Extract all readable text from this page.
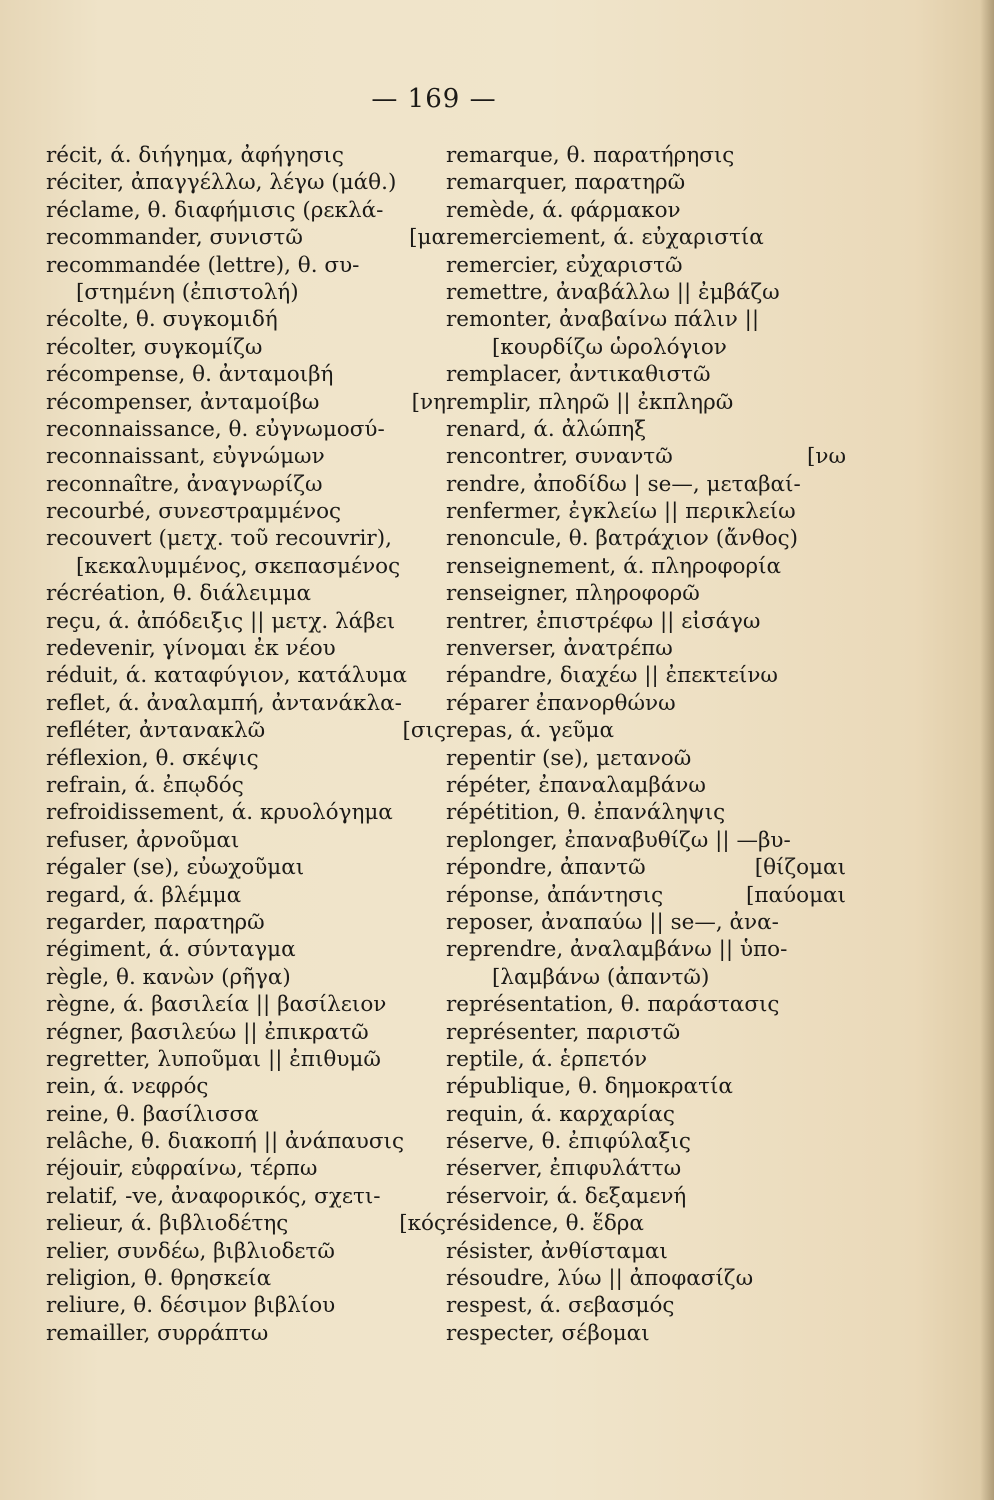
— 169 —
récit, ά. διήγημα, ἀφήγησις
réciter, ἀπαγγέλλω, λέγω (μάθ.)
réclame, θ. διαφήμισις (ρεκλά-
recommander, συνιστῶ	[μα
recommandée (lettre), θ. συ-
[στημένη (ἐπιστολή)
récolte, θ. συγκομιδή
récolter, συγκομίζω
récompense, θ. ἀνταμοιβή
récompenser, ἀνταμοίβω	[νη
reconnaissance, θ. εὐγνωμοσύ-
reconnaissant, εὐγνώμων
reconnaître, ἀναγνωρίζω
recourbé, συνεστραμμένος
recouvert (μετχ. τοῦ recouvrir),
[κεκαλυμμένος, σκεπασμένος
récréation, θ. διάλειμμα
reçu, ά. ἀπόδειξις || μετχ. λάβει
redevenir, γίνομαι ἐκ νέου
réduit, ά. καταφύγιον, κατάλυμα
reflet, ά. ἀναλαμπή, ἀντανάκλα-
refléter, ἀντανακλῶ	[σις
réflexion, θ. σκέψις
refrain, ά. ἐπῳδός
refroidissement, ά. κρυολόγημα
refuser, ἀρνοῦμαι
régaler (se), εὐωχοῦμαι
regard, ά. βλέμμα
regarder, παρατηρῶ
régiment, ά. σύνταγμα
règle, θ. κανὼν (ρῆγα)
règne, ά. βασιλεία || βασίλειον
régner, βασιλεύω || ἐπικρατῶ
regretter, λυποῦμαι || ἐπιθυμῶ
rein, ά. νεφρός
reine, θ. βασίλισσα
relâche, θ. διακοπή || ἀνάπαυσις
réjouir, εὐφραίνω, τέρπω
relatif, -ve, ἀναφορικός, σχετι-
relieur, ά. βιβλιοδέτης	[κός
relier, συνδέω, βιβλιοδετῶ
religion, θ. θρησκεία
reliure, θ. δέσιμον βιβλίου
remailler, συρράπτω
remarque, θ. παρατήρησις
remarquer, παρατηρῶ
remède, ά. φάρμακον
remerciement, ά. εὐχαριστία
remercier, εὐχαριστῶ
remettre, ἀναβάλλω || ἐμβάζω
remonter, ἀναβαίνω πάλιν ||
[κουρδίζω ὡρολόγιον
remplacer, ἀντικαθιστῶ
remplir, πληρῶ || ἐκπληρῶ
renard, ά. ἀλώπηξ
rencontrer, συναντῶ	[νω
rendre, ἀποδίδω | se—, μεταβαί-
renfermer, ἐγκλείω || περικλείω
renoncule, θ. βατράχιον (ἄνθος)
renseignement, ά. πληροφορία
renseigner, πληροφορῶ
rentrer, ἐπιστρέφω || εἰσάγω
renverser, ἀνατρέπω
répandre, διαχέω || ἐπεκτείνω
réparer ἐπανορθώνω
repas, ά. γεῦμα
repentir (se), μετανοῶ
répéter, ἐπαναλαμβάνω
répétition, θ. ἐπανάληψις
replonger, ἐπαναβυθίζω || —βυ-
répondre, ἀπαντῶ	[θίζομαι
réponse, ἀπάντησις	[παύομαι
reposer, ἀναπαύω || se—, ἀνα-
reprendre, ἀναλαμβάνω || ὑπο-
[λαμβάνω (ἀπαντῶ)
représentation, θ. παράστασις
représenter, παριστῶ
reptile, ά. ἑρπετόν
république, θ. δημοκρατία
requin, ά. καρχαρίας
réserve, θ. ἐπιφύλαξις
réserver, ἐπιφυλάττω
réservoir, ά. δεξαμενή
résidence, θ. ἕδρα
résister, ἀνθίσταμαι
résoudre, λύω || ἀποφασίζω
respest, ά. σεβασμός
respecter, σέβομαι
